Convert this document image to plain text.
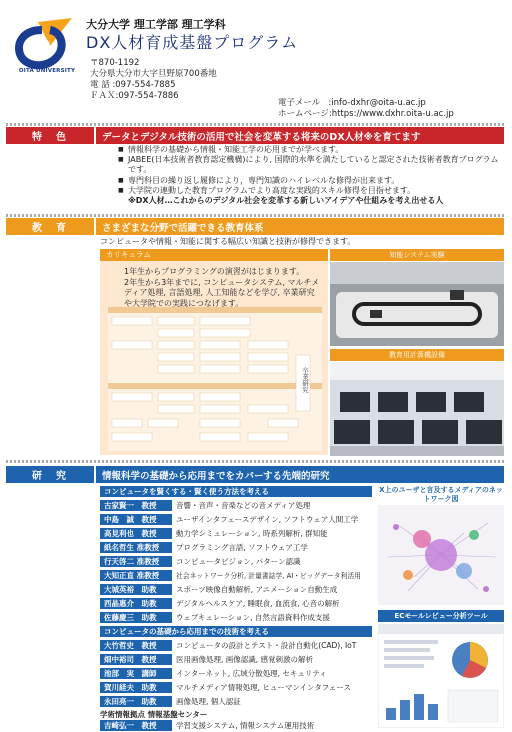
OITA UNIVERSITY
大分大学 理工学部 理工学科
DX人材育成基盤プログラム
〒870-1192
大分県大分市大字旦野原700番地
電 話 :097-554-7885
ＦＡＸ:097-554-7886
電子メール :info-dxhr@oita-u.ac.jp
ホームページ:https://www.dxhr.oita-u.ac.jp
特色	データとデジタル技術の活用で社会を変革する将来のDX人材※を育てます
■ 情報科学の基礎から情報・知能工学の応用までが学べます。
■ JABEE(日本技術者教育認定機構)により, 国際的水準を満たしていると認定された技術者教育プログラムです。
■ 専門科目の繰り返し履修により，専門知識のハイレベルな修得が出来ます。
■ 大学院の連動した教育プログラムでより高度な実践的スキル修得を目指せます。
※DX人材…これからのデジタル社会を変革する新しいアイデアや仕組みを考え出せる人
教育	さまざまな分野で活躍できる教育体系
コンピュータや情報・知能に関する幅広い知識と技術が修得できます。
カリキュラム
1年生からプログラミングの演習がはじまります。
2年生から3年までに, コンピュータシステム, マルチメ
ディア処理, 言語処理, 人工知能などを学び, 卒業研究
や大学院での実践につなげます。
卒業研究
知能システム実験
教育用計算機設備
研究	情報科学の基礎から応用までをカバーする先端的研究
コンピュータを賢くする・賢く使う方法を考える
古家賢一　教授	音響・音声・音楽などの音メディア処理
中島　誠　教授	ユーザインタフェースデザイン, ソフトウェア人間工学
高見利也　教授	動力学シミュレーション, 時系列解析, 群知能
紙名哲生 准教授	プログラミング言語, ソフトウェア工学
行天啓二 准教授	コンピュータビジョン, パターン認識
大知正直 准教授	社会ネットワーク分析, 計量書誌学, AI・ビッグデータ利活用
大城英裕　助教	スポーツ映像自動解析, アニメーション自動生成
西晶惠介　助教	デジタルヘルスケア, 睡眠食, 血流食, 心音の解析
佐藤慶三　助教	ウェブキュレーション, 自然言語資料作成支援
コンピュータの基礎から応用までの技術を考える
大竹哲史　教授	コンピュータの設計とテスト・設計自動化(CAD), IoT
畑中裕司　教授	医用画像処理, 画像認識, 感覚刺激の解析
池部　実　講師	インターネット, 広域分散処理, セキュリティ
賀川経夫　助教	マルチメディア情報処理, ヒューマンインタフェース
永田亮一　助教	画像処理, 個人認証
学術情報拠点 情報基盤センター
吉崎弘一　教授	学習支援システム, 情報システム運用技術
X上のユーザと言及するメディアのネットワーク図
ECモールレビュー分析ツール
